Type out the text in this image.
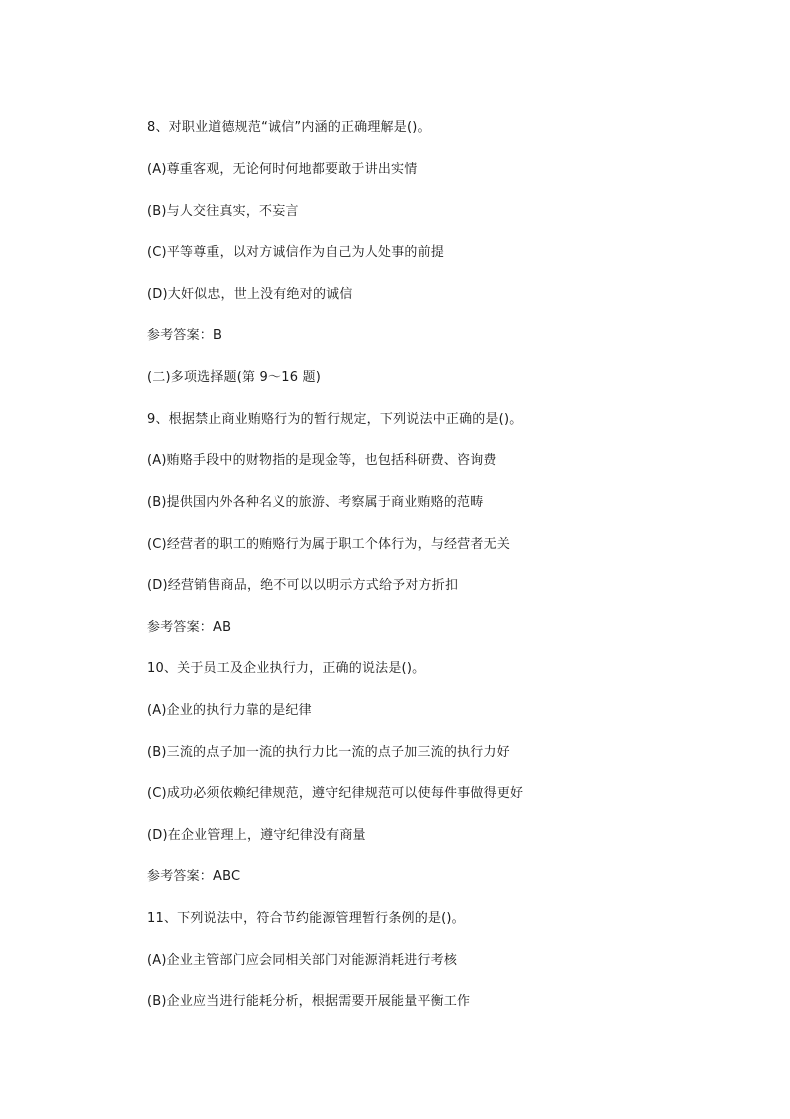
8、对职业道德规范“诚信”内涵的正确理解是()。
(A)尊重客观，无论何时何地都要敢于讲出实情
(B)与人交往真实，不妄言
(C)平等尊重，以对方诚信作为自己为人处事的前提
(D)大奸似忠，世上没有绝对的诚信
参考答案：B
(二)多项选择题(第 9～16 题)
9、根据禁止商业贿赂行为的暂行规定，下列说法中正确的是()。
(A)贿赂手段中的财物指的是现金等，也包括科研费、咨询费
(B)提供国内外各种名义的旅游、考察属于商业贿赂的范畴
(C)经营者的职工的贿赂行为属于职工个体行为，与经营者无关
(D)经营销售商品，绝不可以以明示方式给予对方折扣
参考答案：AB
10、关于员工及企业执行力，正确的说法是()。
(A)企业的执行力靠的是纪律
(B)三流的点子加一流的执行力比一流的点子加三流的执行力好
(C)成功必须依赖纪律规范，遵守纪律规范可以使每件事做得更好
(D)在企业管理上，遵守纪律没有商量
参考答案：ABC
11、下列说法中，符合节约能源管理暂行条例的是()。
(A)企业主管部门应会同相关部门对能源消耗进行考核
(B)企业应当进行能耗分析，根据需要开展能量平衡工作
